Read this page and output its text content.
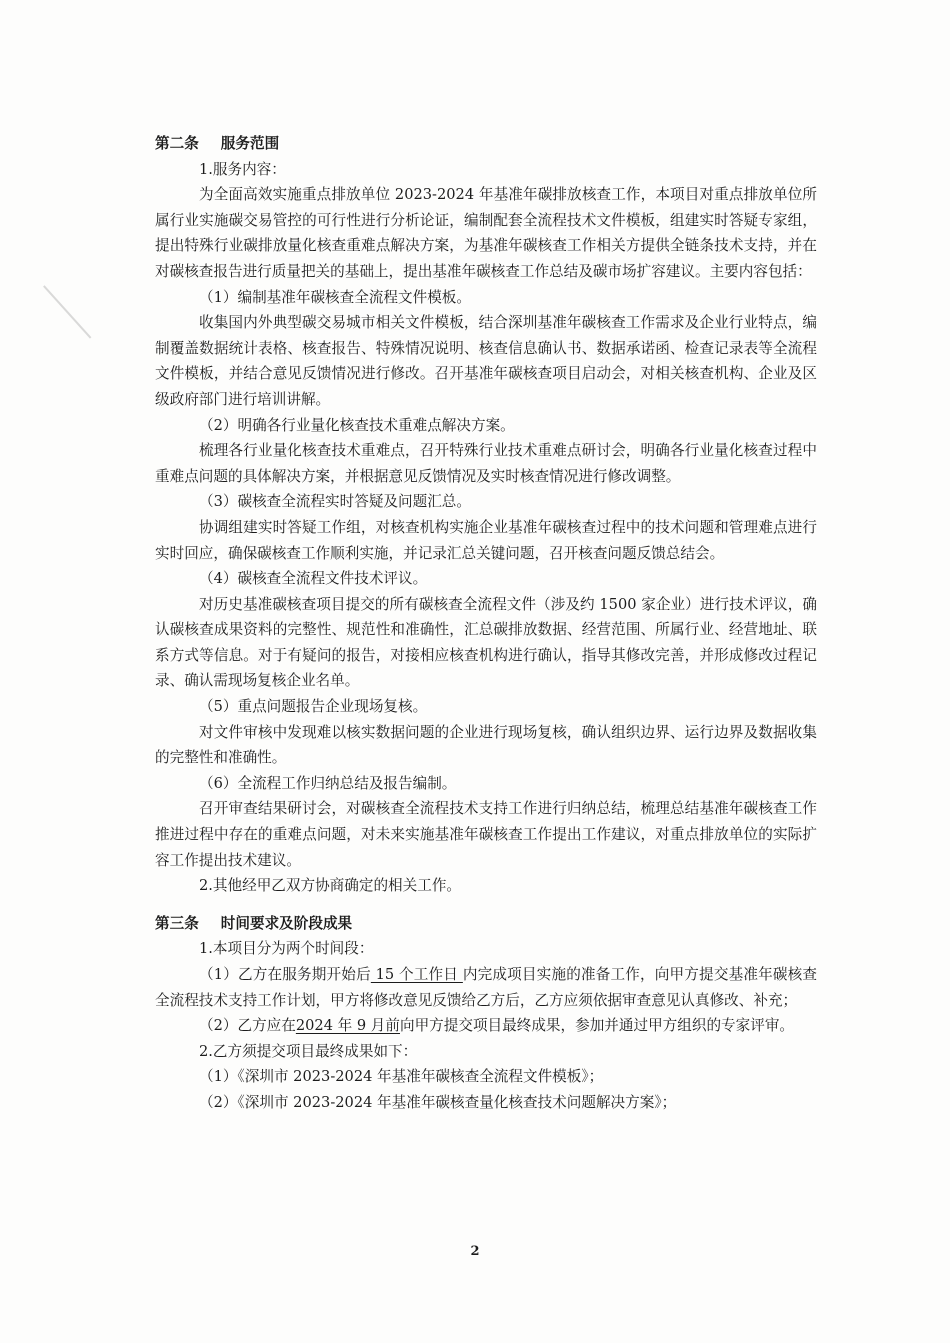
第二条 服务范围

1.服务内容：

为全面高效实施重点排放单位 2023-2024 年基准年碳排放核查工作，本项目对重点排放单位所属行业实施碳交易管控的可行性进行分析论证，编制配套全流程技术文件模板，组建实时答疑专家组，提出特殊行业碳排放量化核查重难点解决方案，为基准年碳核查工作相关方提供全链条技术支持，并在对碳核查报告进行质量把关的基础上，提出基准年碳核查工作总结及碳市场扩容建议。主要内容包括：

（1）编制基准年碳核查全流程文件模板。

收集国内外典型碳交易城市相关文件模板，结合深圳基准年碳核查工作需求及企业行业特点，编制覆盖数据统计表格、核查报告、特殊情况说明、核查信息确认书、数据承诺函、检查记录表等全流程文件模板，并结合意见反馈情况进行修改。召开基准年碳核查项目启动会，对相关核查机构、企业及区级政府部门进行培训讲解。

（2）明确各行业量化核查技术重难点解决方案。

梳理各行业量化核查技术重难点，召开特殊行业技术重难点研讨会，明确各行业量化核查过程中重难点问题的具体解决方案，并根据意见反馈情况及实时核查情况进行修改调整。

（3）碳核查全流程实时答疑及问题汇总。

协调组建实时答疑工作组，对核查机构实施企业基准年碳核查过程中的技术问题和管理难点进行实时回应，确保碳核查工作顺利实施，并记录汇总关键问题，召开核查问题反馈总结会。

（4）碳核查全流程文件技术评议。

对历史基准碳核查项目提交的所有碳核查全流程文件（涉及约 1500 家企业）进行技术评议，确认碳核查成果资料的完整性、规范性和准确性，汇总碳排放数据、经营范围、所属行业、经营地址、联系方式等信息。对于有疑问的报告，对接相应核查机构进行确认，指导其修改完善，并形成修改过程记录、确认需现场复核企业名单。

（5）重点问题报告企业现场复核。

对文件审核中发现难以核实数据问题的企业进行现场复核，确认组织边界、运行边界及数据收集的完整性和准确性。

（6）全流程工作归纳总结及报告编制。

召开审查结果研讨会，对碳核查全流程技术支持工作进行归纳总结，梳理总结基准年碳核查工作推进过程中存在的重难点问题，对未来实施基准年碳核查工作提出工作建议，对重点排放单位的实际扩容工作提出技术建议。

2.其他经甲乙双方协商确定的相关工作。

第三条 时间要求及阶段成果

1.本项目分为两个时间段：

（1）乙方在服务期开始后 15 个工作日 内完成项目实施的准备工作，向甲方提交基准年碳核查全流程技术支持工作计划，甲方将修改意见反馈给乙方后，乙方应须依据审查意见认真修改、补充；

（2）乙方应在2024 年 9 月前向甲方提交项目最终成果，参加并通过甲方组织的专家评审。

2.乙方须提交项目最终成果如下：

（1）《深圳市 2023-2024 年基准年碳核查全流程文件模板》；

（2）《深圳市 2023-2024 年基准年碳核查量化核查技术问题解决方案》；

2
